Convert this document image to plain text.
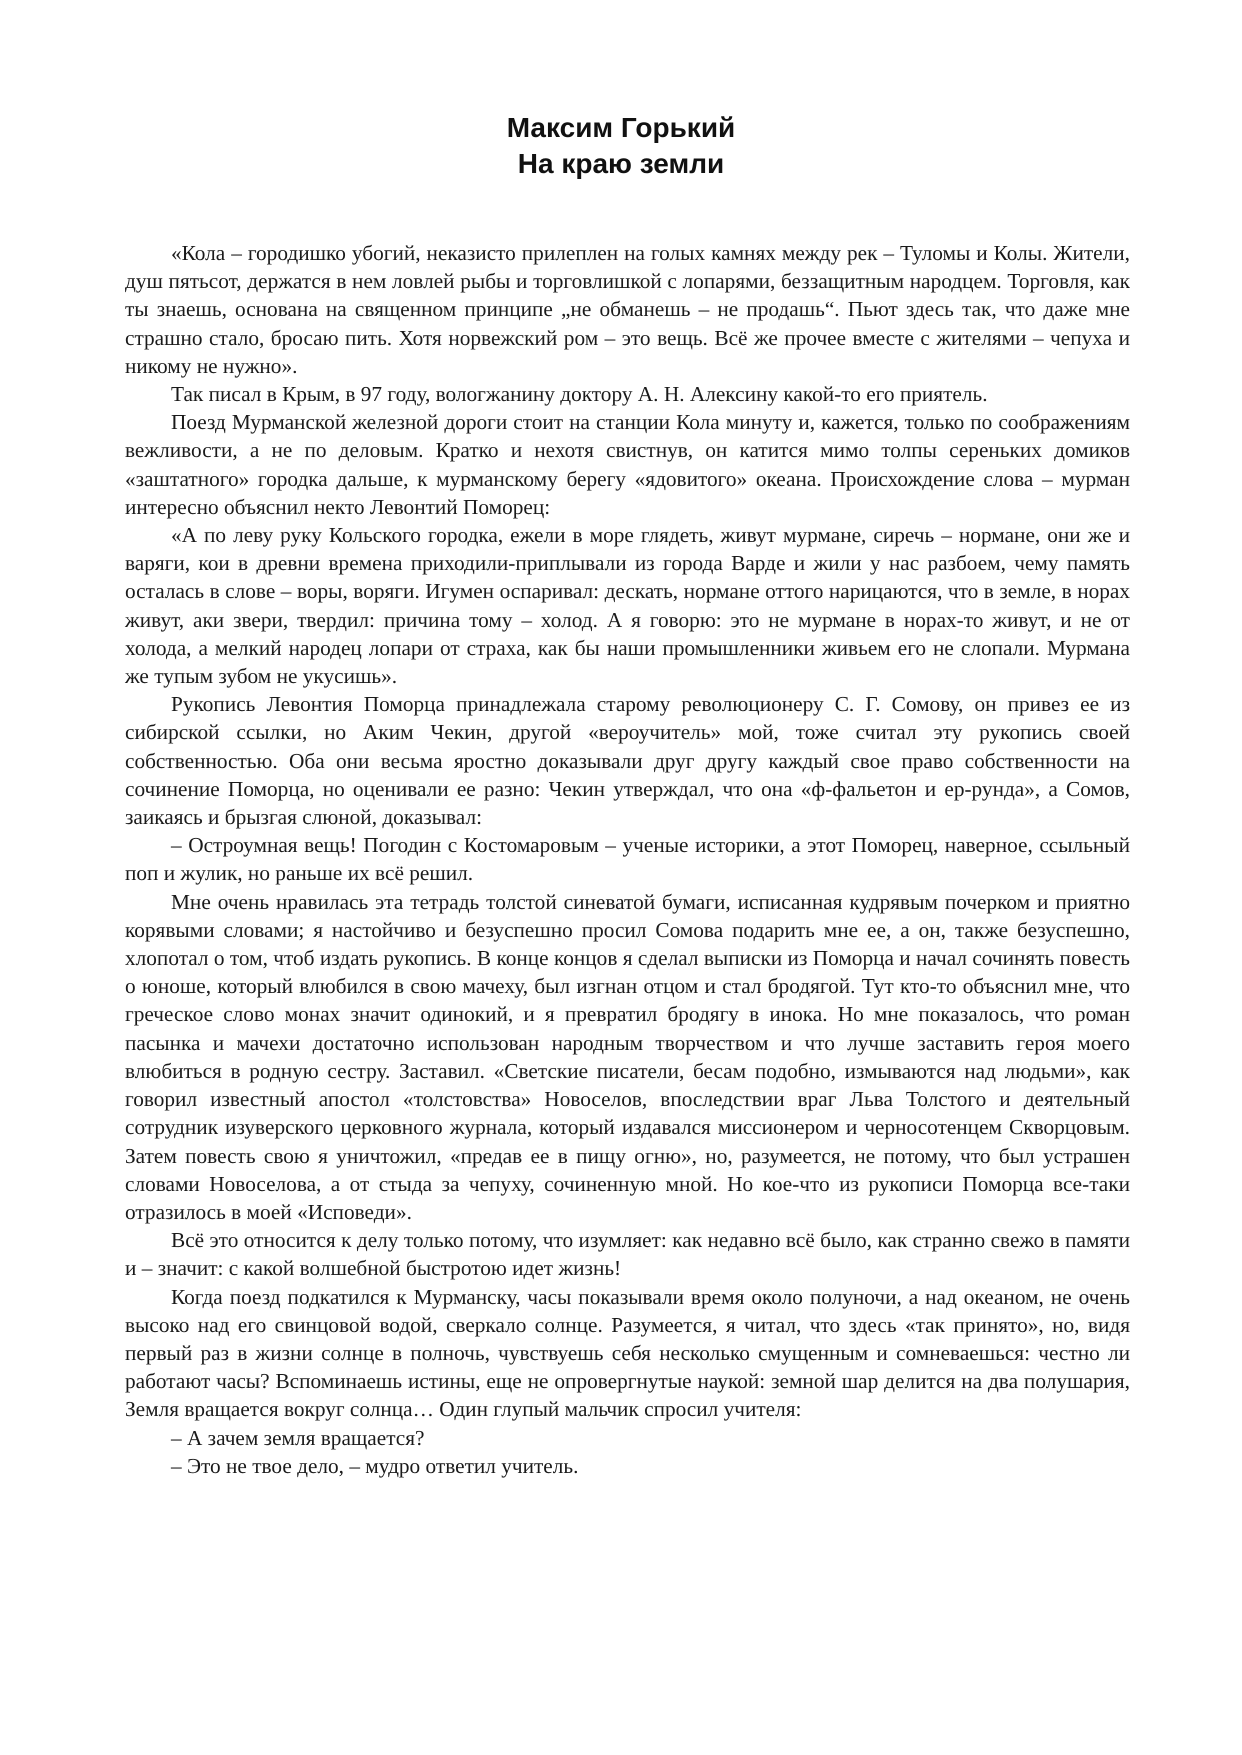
Максим Горький
На краю земли

«Кола – городишко убогий, неказисто прилеплен на голых камнях между рек – Туломы и Колы. Жители, душ пятьсот, держатся в нем ловлей рыбы и торговлишкой с лопарями, беззащитным народцем. Торговля, как ты знаешь, основана на священном принципе „не обманешь – не продашь“. Пьют здесь так, что даже мне страшно стало, бросаю пить. Хотя норвежский ром – это вещь. Всё же прочее вместе с жителями – чепуха и никому не нужно».

Так писал в Крым, в 97 году, вологжанину доктору А. Н. Алексину какой-то его приятель.

Поезд Мурманской железной дороги стоит на станции Кола минуту и, кажется, только по соображениям вежливости, а не по деловым. Кратко и нехотя свистнув, он катится мимо толпы серенькиx домиков «заштатного» городка дальше, к мурманскому берегу «ядовитого» океана. Происхождение слова – мурман интересно объяснил некто Левонтий Поморец:

«А по леву руку Кольского городка, ежели в море глядеть, живут мурмане, сиречь – нормане, они же и варяги, кои в древни времена приходили-приплывали из города Варде и жили у нас разбоем, чему память осталась в слове – воры, воряги. Игумен оспаривал: дескать, нормане оттого нарицаются, что в земле, в норах живут, аки звери, твердил: причина тому – холод. А я говорю: это не мурмане в норах-то живут, и не от холода, а мелкий народец лопари от страха, как бы наши промышленники живьем его не слопали. Мурмана же тупым зубом не укусишь».

Рукопись Левонтия Поморца принадлежала старому революционеру С. Г. Сомову, он привез ее из сибирской ссылки, но Аким Чекин, другой «вероучитель» мой, тоже считал эту рукопись своей собственностью. Оба они весьма яростно доказывали друг другу каждый свое право собственности на сочинение Поморца, но оценивали ее разно: Чекин утверждал, что она «ф-фальетон и ер-рунда», а Сомов, заикаясь и брызгая слюной, доказывал:

– Остроумная вещь! Погодин с Костомаровым – ученые историки, а этот Поморец, наверное, ссыльный поп и жулик, но раньше их всё решил.

Мне очень нравилась эта тетрадь толстой синеватой бумаги, исписанная кудрявым почерком и приятно корявыми словами; я настойчиво и безуспешно просил Сомова подарить мне ее, а он, также безуспешно, хлопотал о том, чтоб издать рукопись. В конце концов я сделал выписки из Поморца и начал сочинять повесть о юноше, который влюбился в свою мачеху, был изгнан отцом и стал бродягой. Тут кто-то объяснил мне, что греческое слово монах значит одинокий, и я превратил бродягу в инока. Но мне показалось, что роман пасынка и мачехи достаточно использован народным творчеством и что лучше заставить героя моего влюбиться в родную сестру. Заставил. «Светские писатели, бесам подобно, измываются над людьми», как говорил известный апостол «толстовства» Новоселов, впоследствии враг Льва Толстого и деятельный сотрудник изуверского церковного журнала, который издавался миссионером и черносотенцем Скворцовым. Затем повесть свою я уничтожил, «предав ее в пищу огню», но, разумеется, не потому, что был устрашен словами Новоселова, а от стыда за чепуху, сочиненную мной. Но кое-что из рукописи Поморца все-таки отразилось в моей «Исповеди».

Всё это относится к делу только потому, что изумляет: как недавно всё было, как странно свежо в памяти и – значит: с какой волшебной быстротою идет жизнь!

Когда поезд подкатился к Мурманску, часы показывали время около полуночи, а над океаном, не очень высоко над его свинцовой водой, сверкало солнце. Разумеется, я читал, что здесь «так принято», но, видя первый раз в жизни солнце в полночь, чувствуешь себя несколько смущенным и сомневаешься: честно ли работают часы? Вспоминаешь истины, еще не опровергнутые наукой: земной шар делится на два полушария, Земля вращается вокруг солнца… Один глупый мальчик спросил учителя:

– А зачем земля вращается?

– Это не твое дело, – мудро ответил учитель.
